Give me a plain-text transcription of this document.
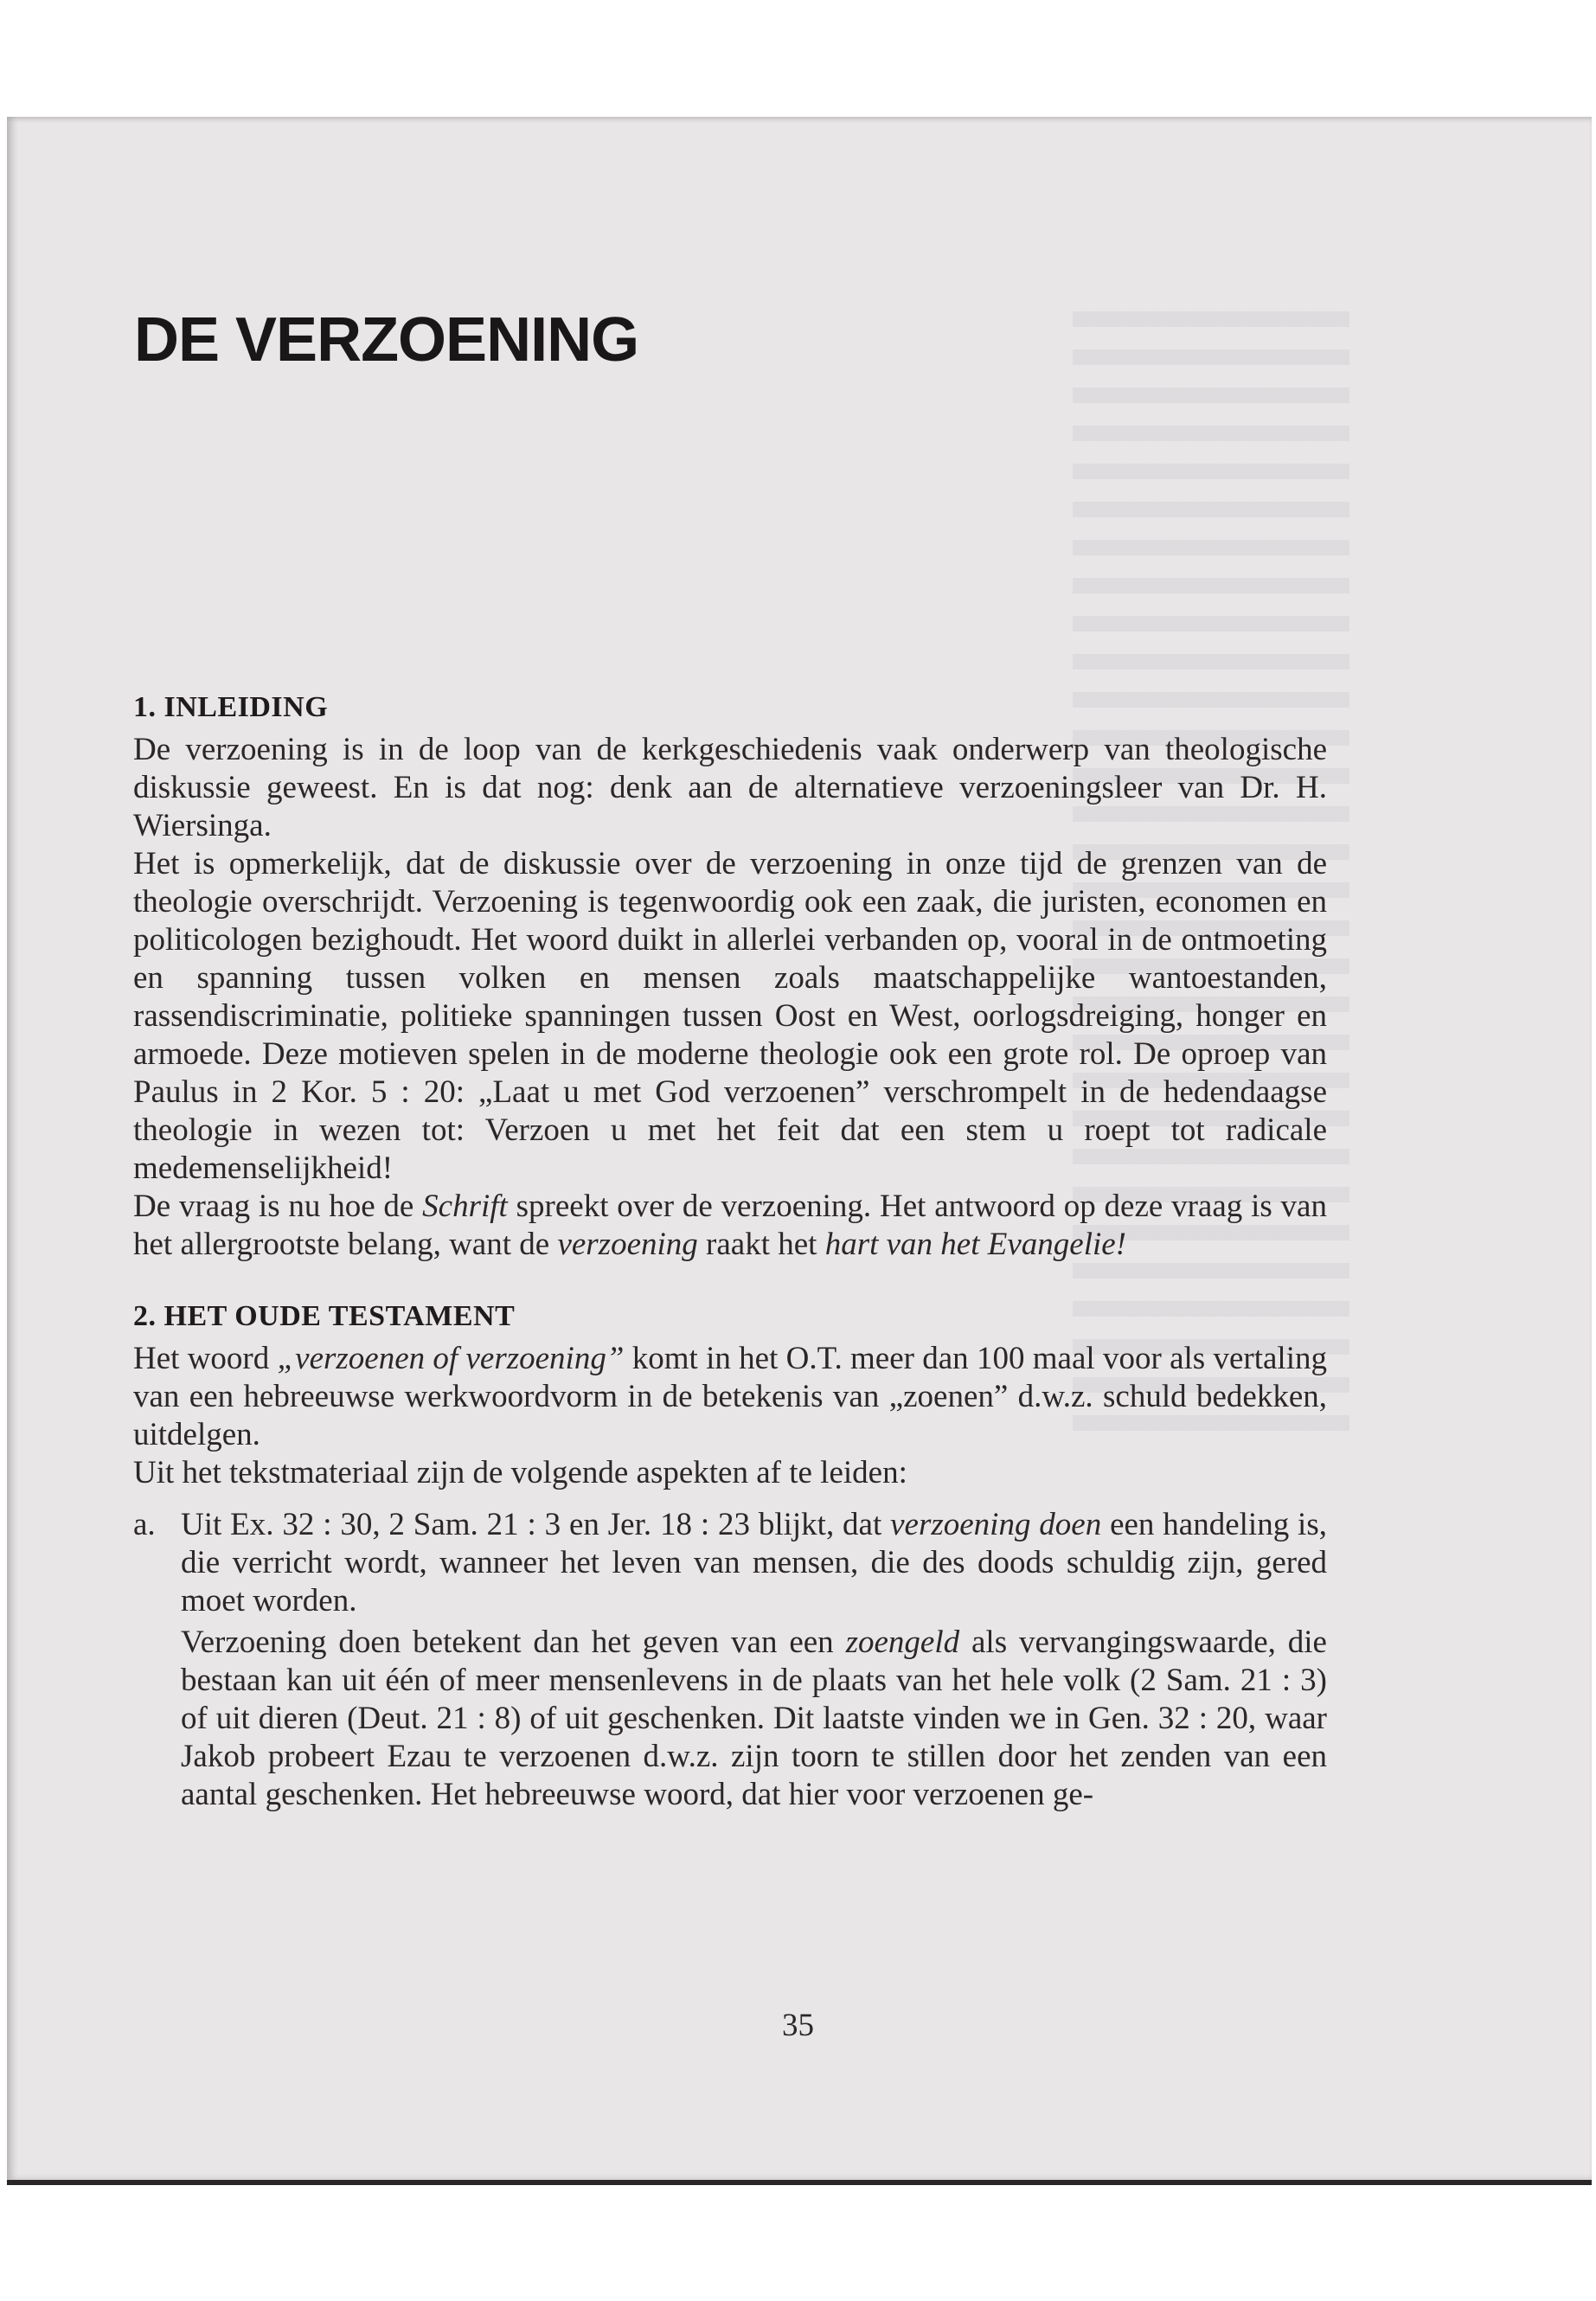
DE VERZOENING
1. INLEIDING

De verzoening is in de loop van de kerkgeschiedenis vaak onderwerp van theologische diskussie geweest. En is dat nog: denk aan de alternatieve verzoeningsleer van Dr. H. Wiersinga.

Het is opmerkelijk, dat de diskussie over de verzoening in onze tijd de grenzen van de theologie overschrijdt. Verzoening is tegenwoordig ook een zaak, die juristen, economen en politicologen bezighoudt. Het woord duikt in allerlei verbanden op, vooral in de ontmoeting en spanning tussen volken en mensen zoals maatschappelijke wantoestanden, rassendiscriminatie, politieke spanningen tussen Oost en West, oorlogsdreiging, honger en armoede. Deze motieven spelen in de moderne theologie ook een grote rol. De oproep van Paulus in 2 Kor. 5 : 20: „Laat u met God verzoenen” verschrompelt in de hedendaagse theologie in wezen tot: Verzoen u met het feit dat een stem u roept tot radicale medemenselijkheid!

De vraag is nu hoe de Schrift spreekt over de verzoening. Het antwoord op deze vraag is van het allergrootste belang, want de verzoening raakt het hart van het Evangelie!

2. HET OUDE TESTAMENT

Het woord „verzoenen of verzoening” komt in het O.T. meer dan 100 maal voor als vertaling van een hebreeuwse werkwoordvorm in de betekenis van „zoenen” d.w.z. schuld bedekken, uitdelgen.

Uit het tekstmateriaal zijn de volgende aspekten af te leiden:

a. Uit Ex. 32 : 30, 2 Sam. 21 : 3 en Jer. 18 : 23 blijkt, dat verzoening doen een handeling is, die verricht wordt, wanneer het leven van mensen, die des doods schuldig zijn, gered moet worden.

Verzoening doen betekent dan het geven van een zoengeld als vervangingswaarde, die bestaan kan uit één of meer mensenlevens in de plaats van het hele volk (2 Sam. 21 : 3) of uit dieren (Deut. 21 : 8) of uit geschenken. Dit laatste vinden we in Gen. 32 : 20, waar Jakob probeert Ezau te verzoenen d.w.z. zijn toorn te stillen door het zenden van een aantal geschenken. Het hebreeuwse woord, dat hier voor verzoenen ge-

35
